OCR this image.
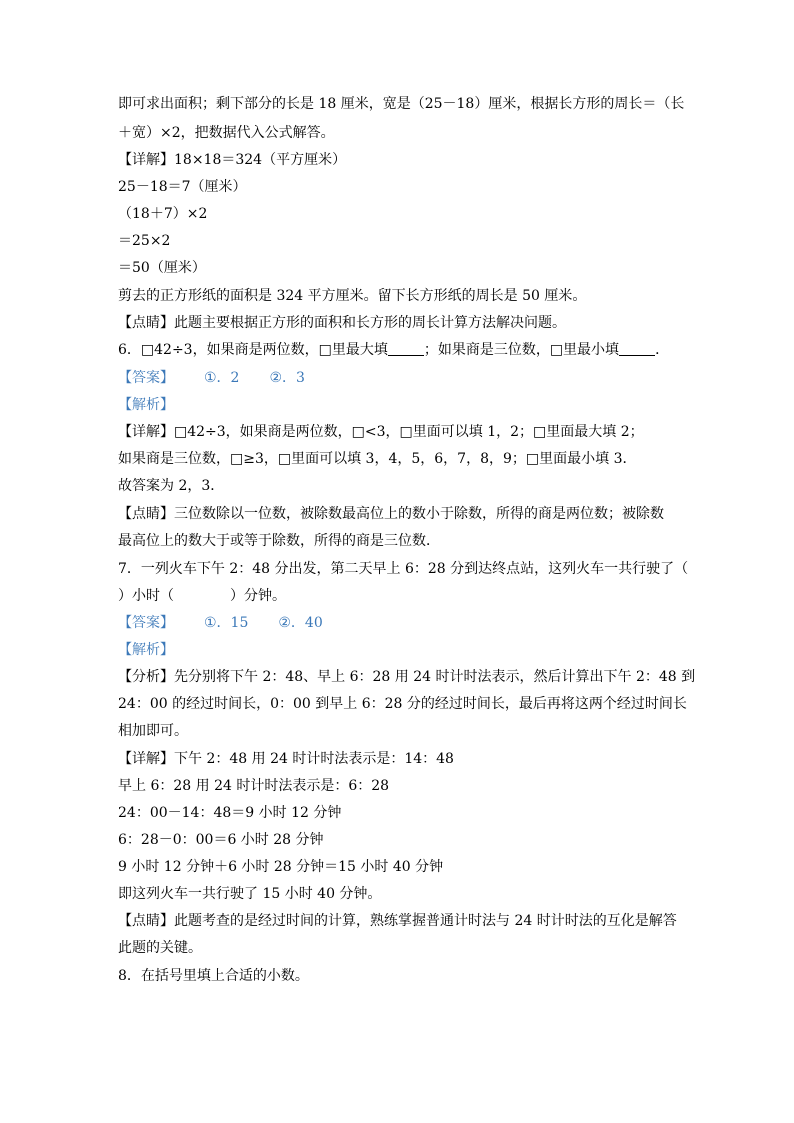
即可求出面积；剩下部分的长是 18 厘米，宽是（25－18）厘米，根据长方形的周长＝（长
＋宽）×2，把数据代入公式解答。
【详解】18×18＝324（平方厘米）
25－18＝7（厘米）
（18＋7）×2
＝25×2
＝50（厘米）
剪去的正方形纸的面积是 324 平方厘米。留下长方形纸的周长是 50 厘米。
【点睛】此题主要根据正方形的面积和长方形的周长计算方法解决问题。
6．□42÷3，如果商是两位数，□里最大填	；如果商是三位数，□里最小填	．
【答案】 ①．2 ②．3
【解析】
【详解】□42÷3，如果商是两位数，□<3，□里面可以填 1，2；□里面最大填 2；
如果商是三位数，□≥3，□里面可以填 3，4，5，6，7，8，9；□里面最小填 3．
故答案为 2，3．
【点睛】三位数除以一位数，被除数最高位上的数小于除数，所得的商是两位数；被除数
最高位上的数大于或等于除数，所得的商是三位数．
7．一列火车下午 2：48 分出发，第二天早上 6：28 分到达终点站，这列火车一共行驶了（
）小时（	）分钟。
【答案】 ①．15 ②．40
【解析】
【分析】先分别将下午 2：48、早上 6：28 用 24 时计时法表示，然后计算出下午 2：48 到
24：00 的经过时间长，0：00 到早上 6：28 分的经过时间长，最后再将这两个经过时间长
相加即可。
【详解】下午 2：48 用 24 时计时法表示是：14：48
早上 6：28 用 24 时计时法表示是：6：28
24：00－14：48＝9 小时 12 分钟
6：28－0：00＝6 小时 28 分钟
9 小时 12 分钟＋6 小时 28 分钟＝15 小时 40 分钟
即这列火车一共行驶了 15 小时 40 分钟。
【点睛】此题考查的是经过时间的计算，熟练掌握普通计时法与 24 时计时法的互化是解答
此题的关键。
8．在括号里填上合适的小数。
